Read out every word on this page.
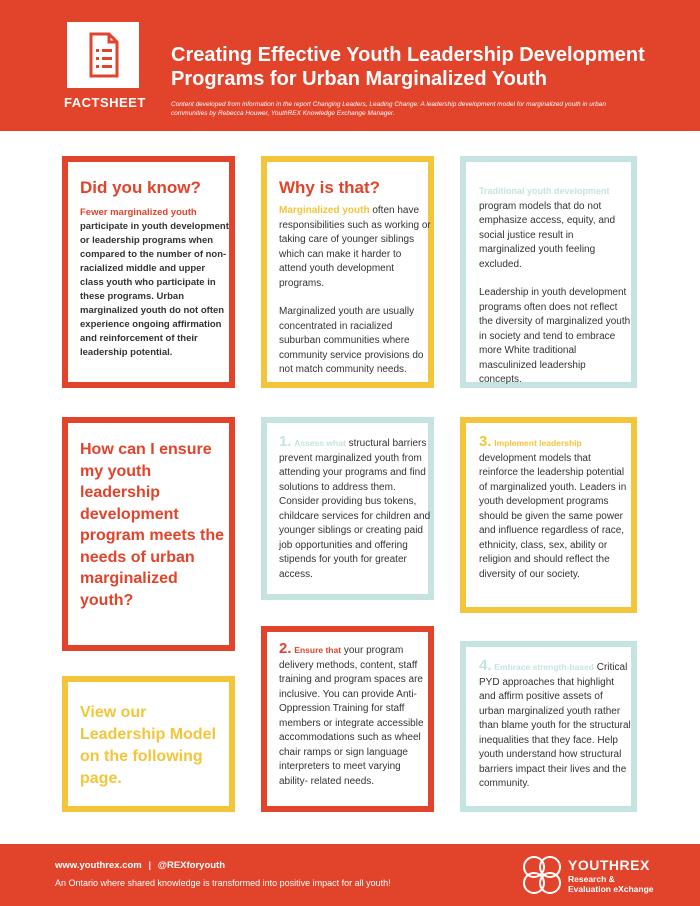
FACTSHEET
Creating Effective Youth Leadership Development
Programs for Urban Marginalized Youth

Content developed from information in the report Changing Leaders, Leading Change: A leadership development model for marginalized youth in urban communities by Rebecca Houwer, YouthREX Knowledge Exchange Manager.

Did you know?
Fewer marginalized youth participate in youth development or leadership programs when compared to the number of non-racialized middle and upper class youth who participate in these programs. Urban marginalized youth do not often experience ongoing affirmation and reinforcement of their leadership potential.
Why is that?
Marginalized youth often have responsibilities such as working or taking care of younger siblings which can make it harder to attend youth development programs.
Marginalized youth are usually concentrated in racialized suburban communities where community service provisions do not match community needs.
Traditional youth development program models that do not emphasize access, equity, and social justice result in marginalized youth feeling excluded.
Leadership in youth development programs often does not reflect the diversity of marginalized youth in society and tend to embrace more White traditional masculinized leadership concepts.
How can I ensure my youth leadership development program meets the needs of urban marginalized youth?
1. Assess what structural barriers prevent marginalized youth from attending your programs and find solutions to address them. Consider providing bus tokens, childcare services for children and younger siblings or creating paid job opportunities and offering stipends for youth for greater access.
3. Implement leadership development models that reinforce the leadership potential of marginalized youth. Leaders in youth development programs should be given the same power and influence regardless of race, ethnicity, class, sex, ability or religion and should reflect the diversity of our society.
View our Leadership Model on the following page.
2. Ensure that your program delivery methods, content, staff training and program spaces are inclusive. You can provide Anti-Oppression Training for staff members or integrate accessible accommodations such as wheel chair ramps or sign language interpreters to meet varying ability- related needs.
4. Embrace strength-based Critical PYD approaches that highlight and affirm positive assets of urban marginalized youth rather than blame youth for the structural inequalities that they face. Help youth understand how structural barriers impact their lives and the community.
www.youthrex.com | @REXforyouth
An Ontario where shared knowledge is transformed into positive impact for all youth!
YOUTHREX
Research &
Evaluation eXchange
